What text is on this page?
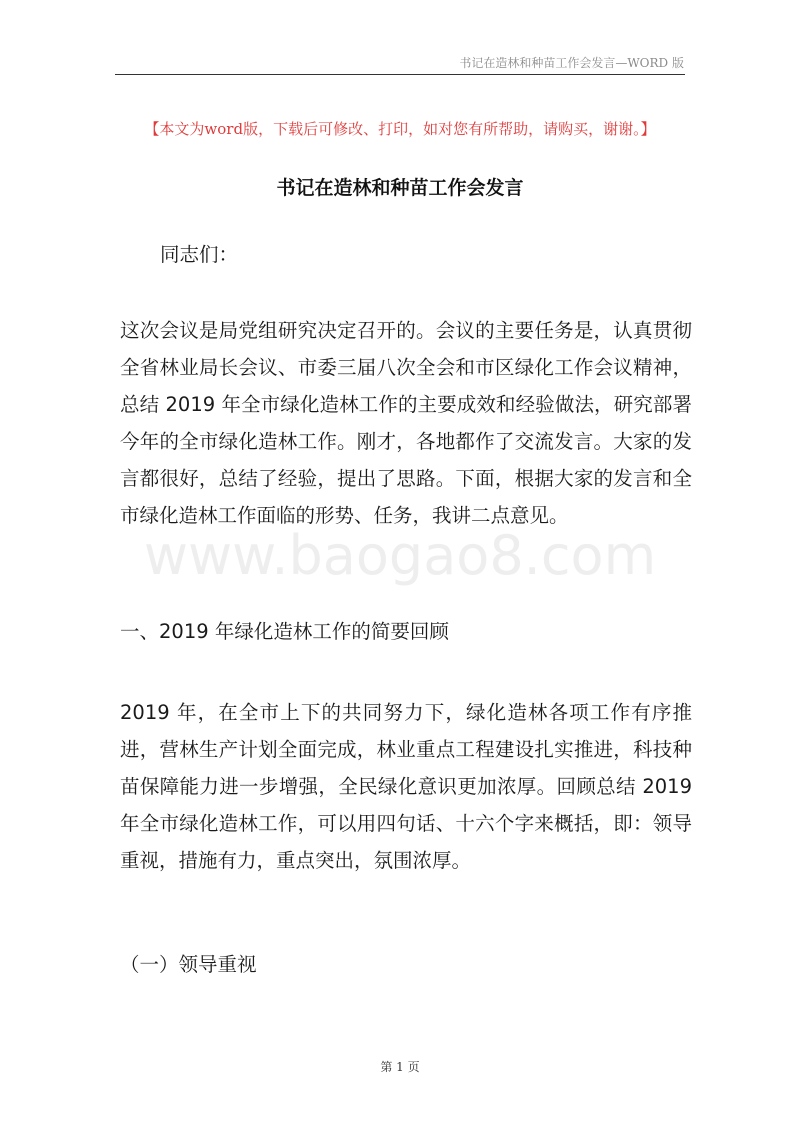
书记在造林和种苗工作会发言—WORD 版
【本文为word版，下载后可修改、打印，如对您有所帮助，请购买，谢谢。】
书记在造林和种苗工作会发言
同志们：
这次会议是局党组研究决定召开的。会议的主要任务是，认真贯彻全省林业局长会议、市委三届八次全会和市区绿化工作会议精神，总结 2019 年全市绿化造林工作的主要成效和经验做法，研究部署今年的全市绿化造林工作。刚才，各地都作了交流发言。大家的发言都很好，总结了经验，提出了思路。下面，根据大家的发言和全市绿化造林工作面临的形势、任务，我讲二点意见。
www.baogao8.com
一、2019 年绿化造林工作的简要回顾
2019 年，在全市上下的共同努力下，绿化造林各项工作有序推进，营林生产计划全面完成，林业重点工程建设扎实推进，科技种苗保障能力进一步增强，全民绿化意识更加浓厚。回顾总结 2019 年全市绿化造林工作，可以用四句话、十六个字来概括，即：领导重视，措施有力，重点突出，氛围浓厚。
（一）领导重视
第 1 页
